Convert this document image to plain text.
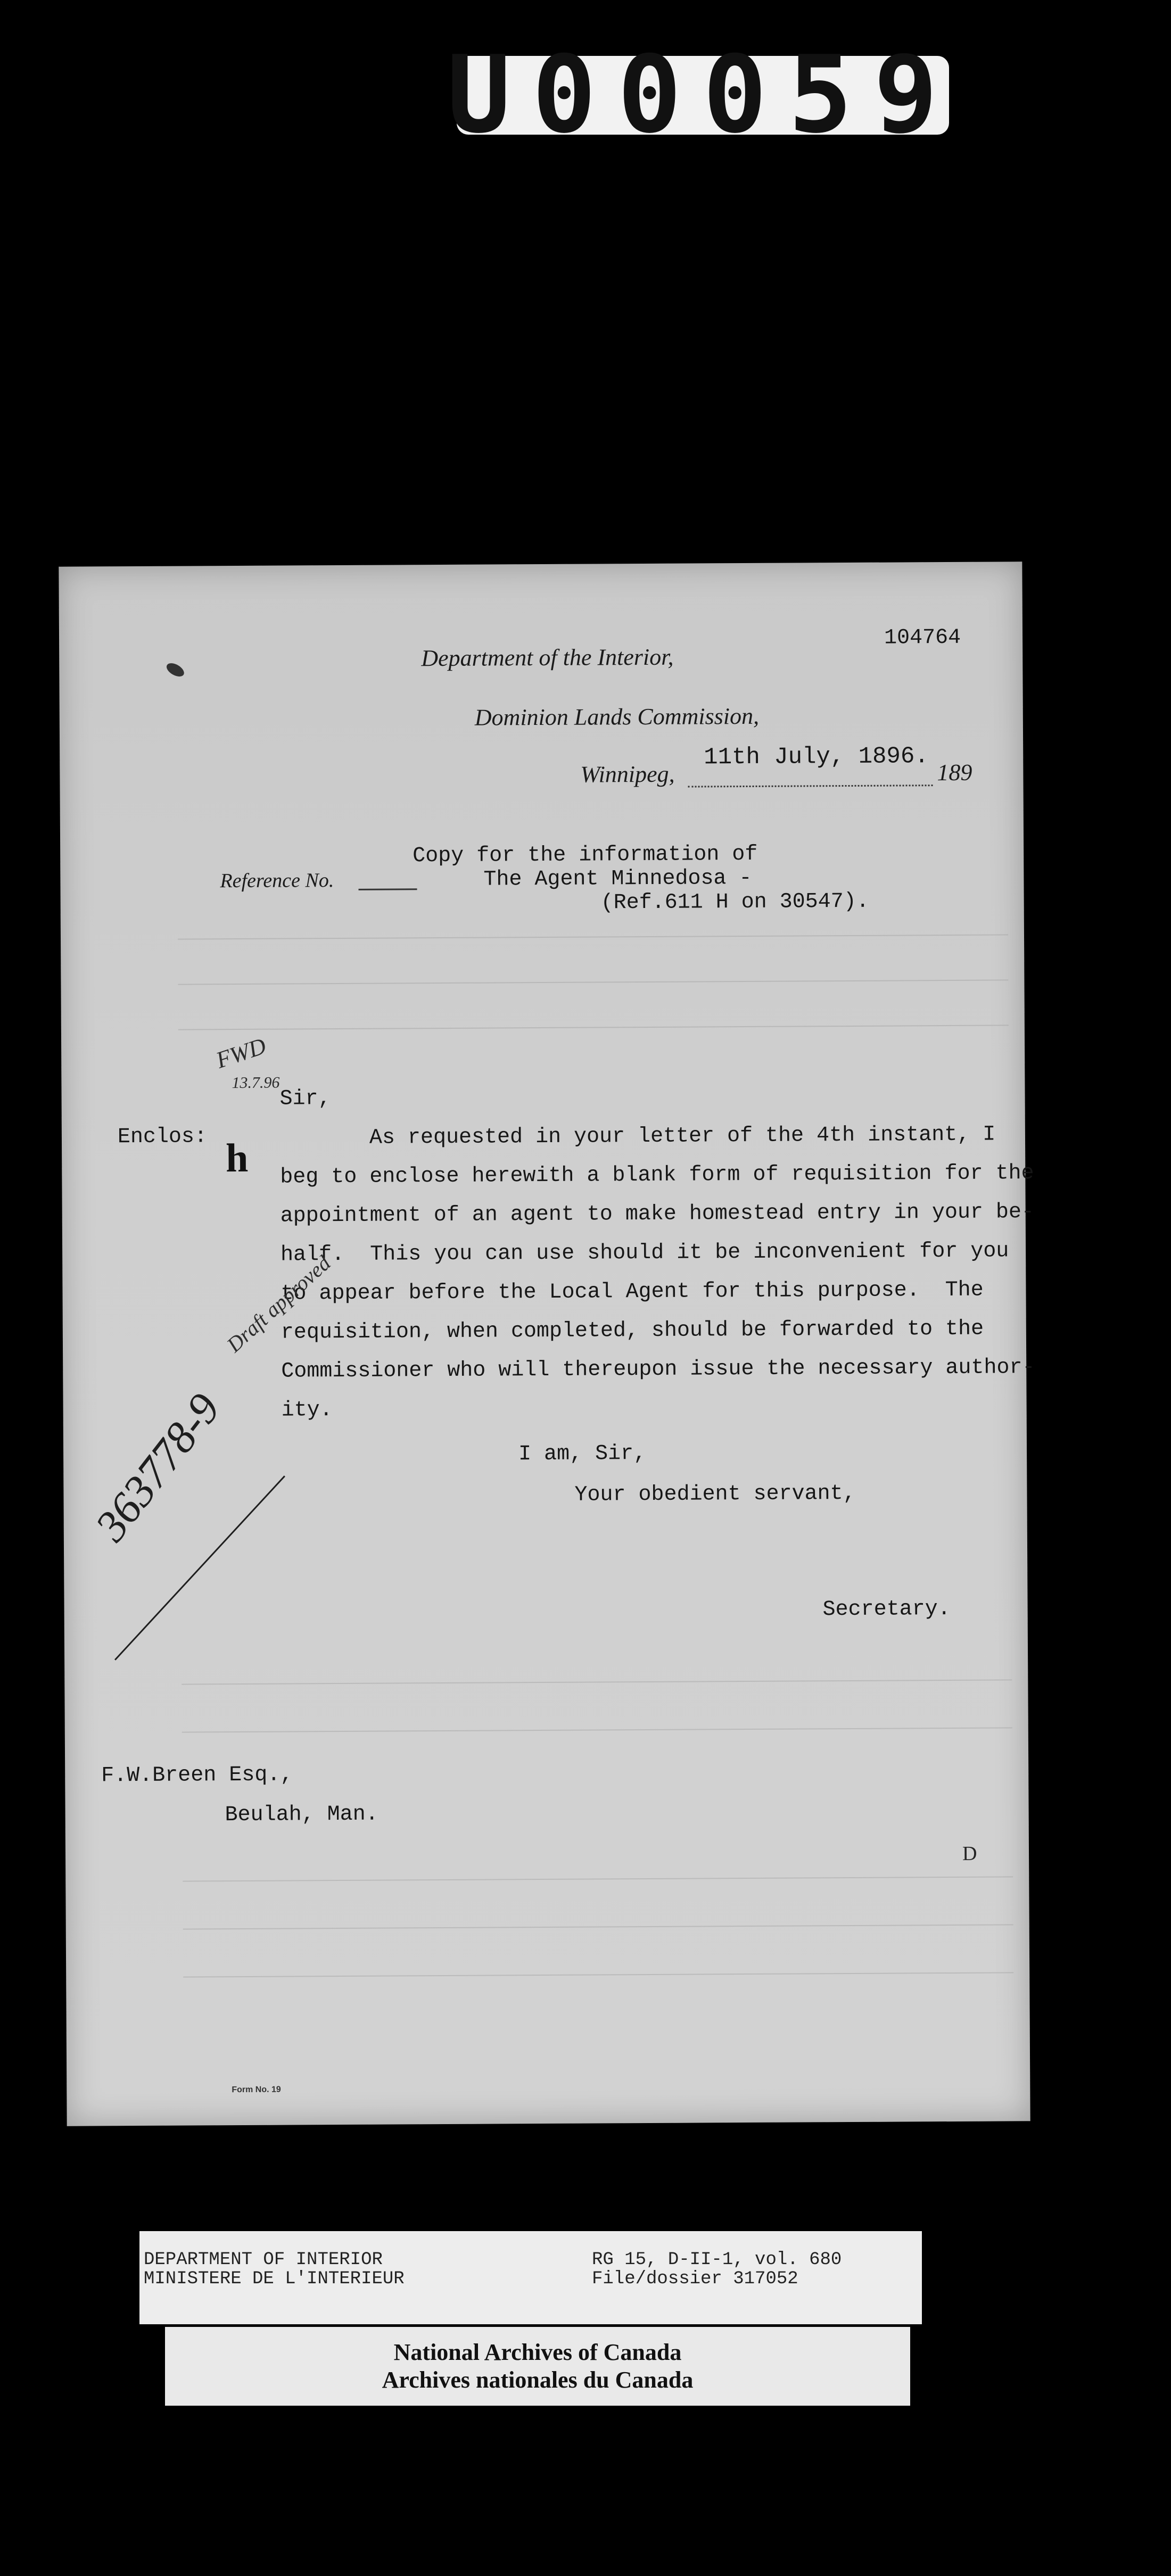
U00059
Department of the Interior,
Dominion Lands Commission,
104764
Winnipeg,
11th July, 1896.
189
Reference No.
Copy for the information of
The Agent Minnedosa -
(Ref.611 H on 30547).
FWD
13.7.96
Sir,
Enclos: h As requested in your letter of the 4th instant, I
beg to enclose herewith a blank form of requisition for the
appointment of an agent to make homestead entry in your be-
half.  This you can use should it be inconvenient for you
to appear before the Local Agent for this purpose.  The
requisition, when completed, should be forwarded to the
Commissioner who will thereupon issue the necessary author-
ity.
Draft approved
I am, Sir,
Your obedient servant,
Secretary.
363778-9
F.W.Breen Esq.,
Beulah, Man.
D
Form No. 19
DEPARTMENT OF INTERIOR
MINISTERE DE L'INTERIEUR
RG 15, D-II-1, vol. 680
File/dossier 317052
National Archives of Canada
Archives nationales du Canada
